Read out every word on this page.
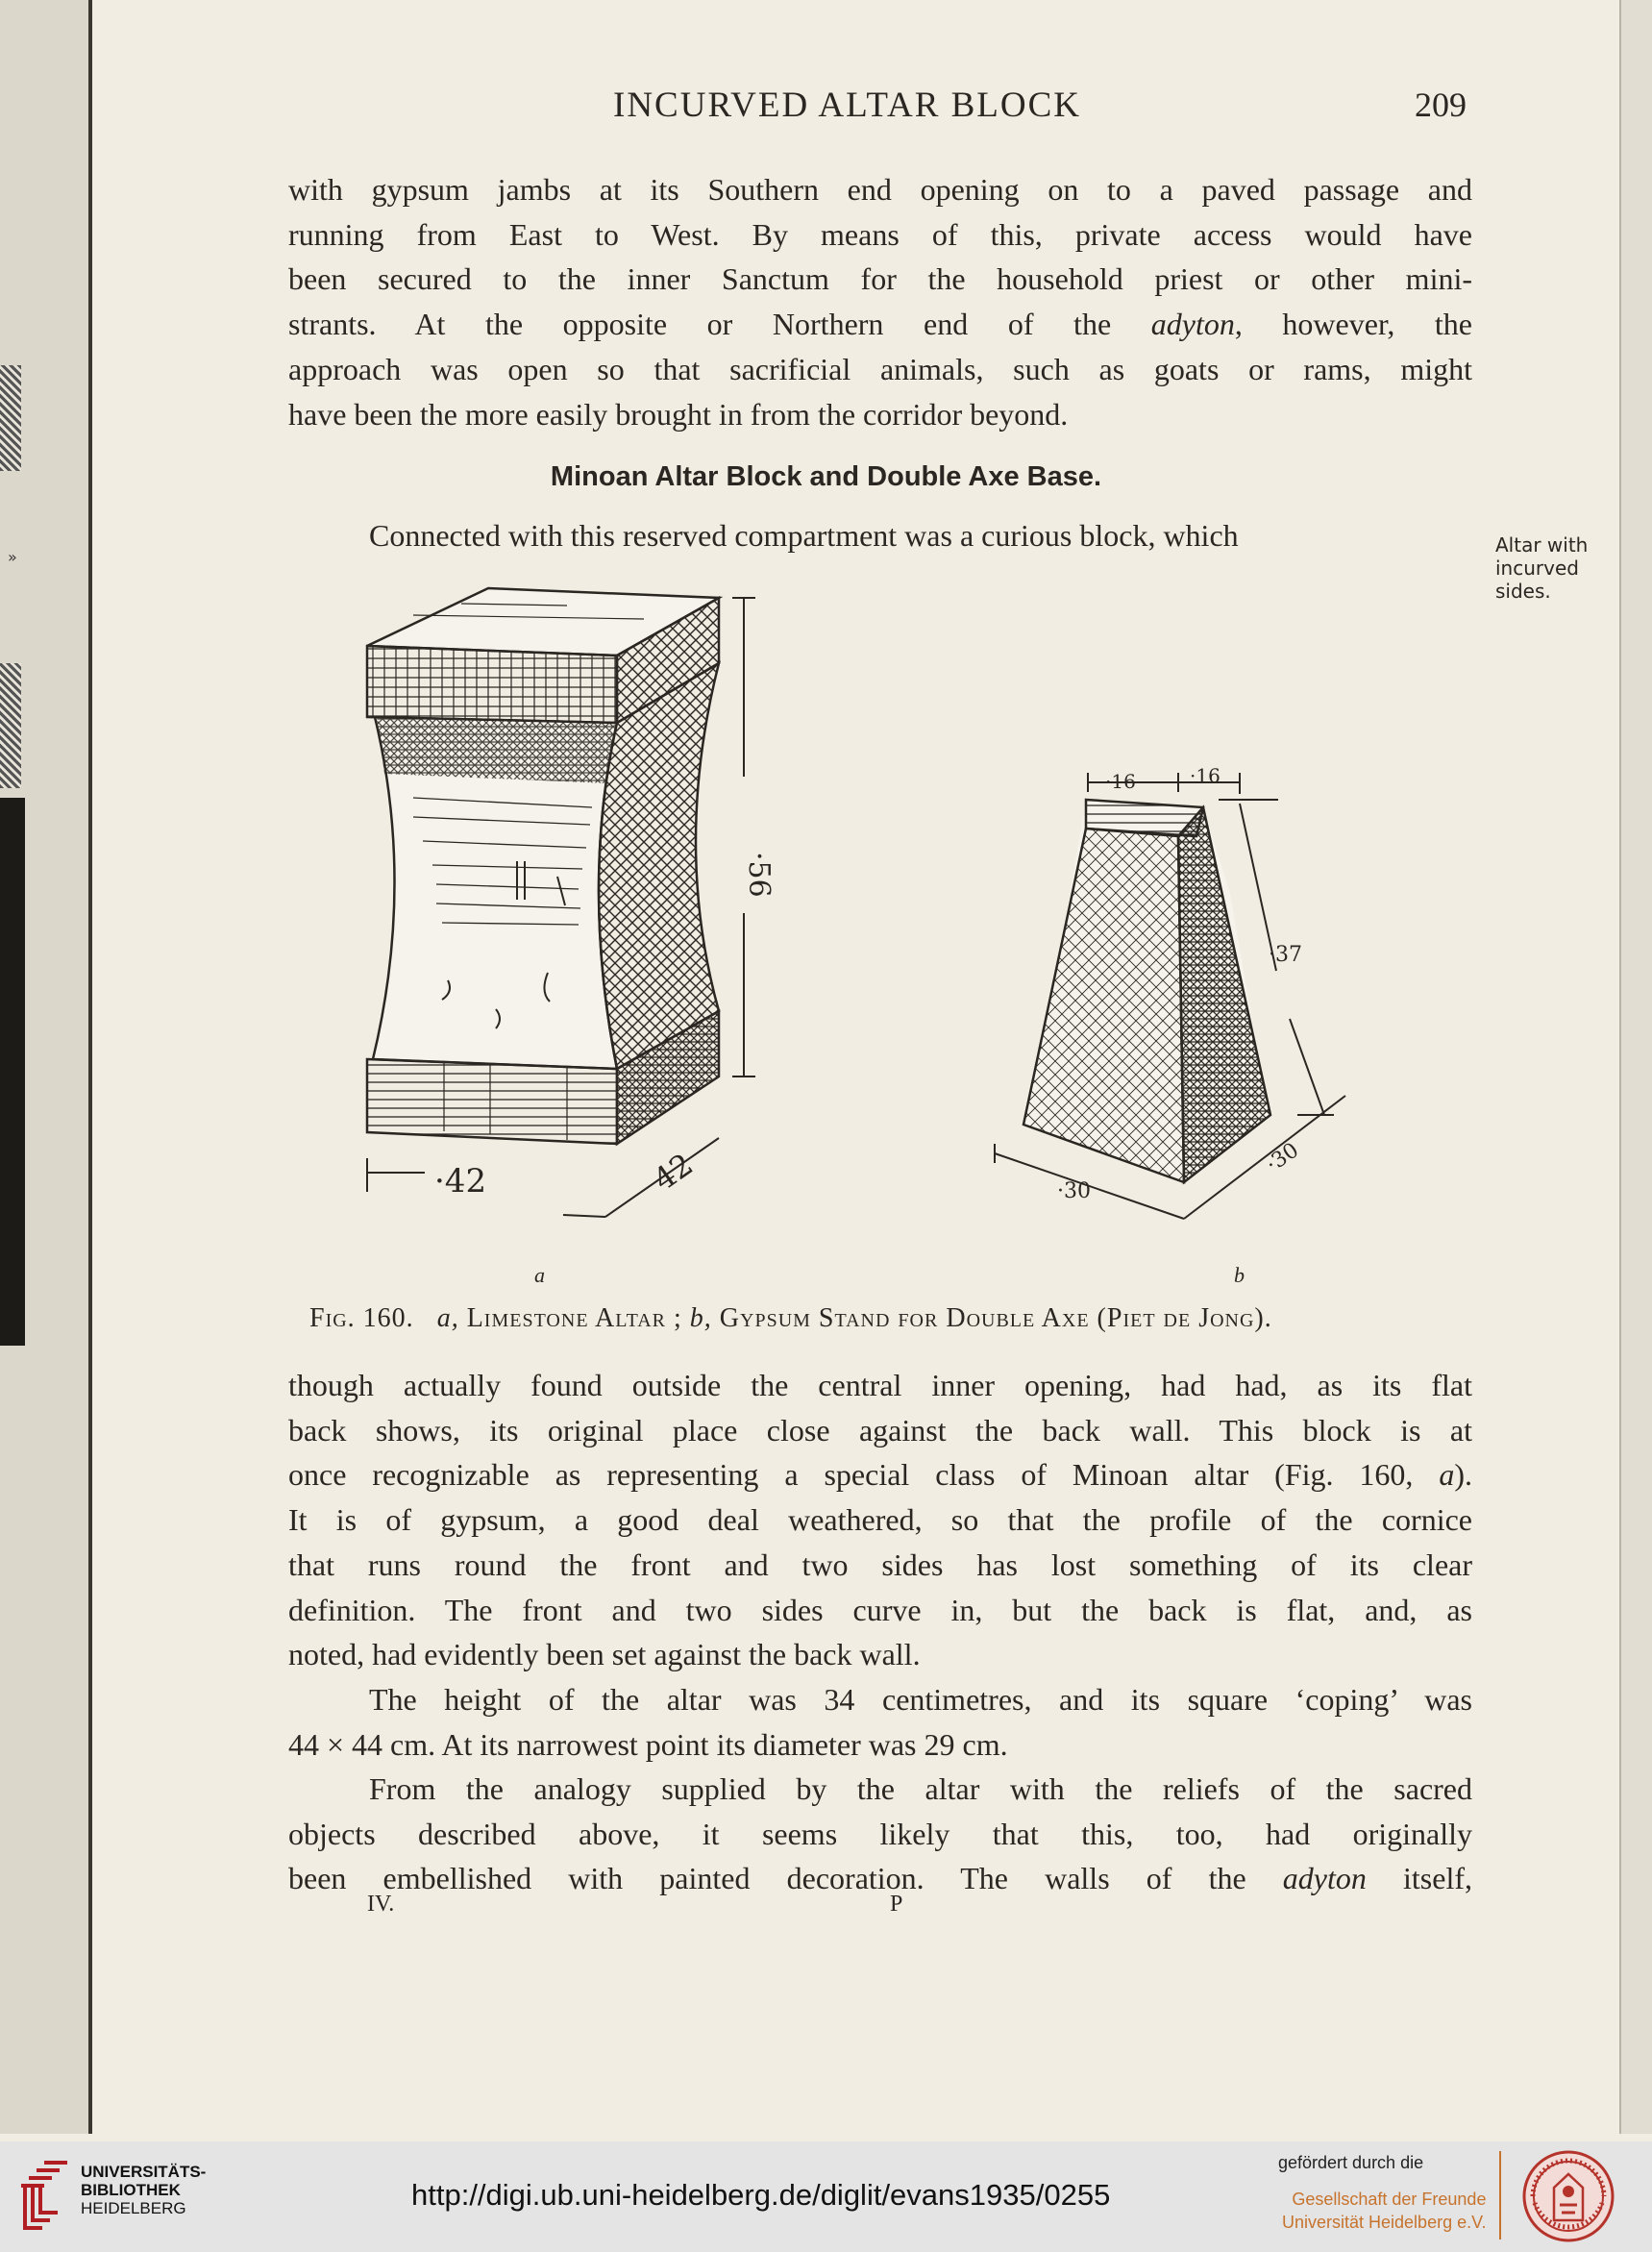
»
INCURVED ALTAR BLOCK	209
with gypsum jambs at its Southern end opening on to a paved passage and
running from East to West. By means of this, private access would have
been secured to the inner Sanctum for the household priest or other mini-
strants. At the opposite or Northern end of the adyton, however, the
approach was open so that sacrificial animals, such as goats or rams, might
have been the more easily brought in from the corridor beyond.
Minoan Altar Block and Double Axe Base.
Connected with this reserved compartment was a curious block, which	Altar with
incurved
sides.
·56
·42	42
·16	·16
·37
·30
·30
a	b
Fig. 160. a, Limestone Altar ; b, Gypsum Stand for Double Axe (Piet de Jong).
though actually found outside the central inner opening, had had, as its flat
back shows, its original place close against the back wall. This block is at
once recognizable as representing a special class of Minoan altar (Fig. 160, a).
It is of gypsum, a good deal weathered, so that the profile of the cornice
that runs round the front and two sides has lost something of its clear
definition. The front and two sides curve in, but the back is flat, and, as
noted, had evidently been set against the back wall.
The height of the altar was 34 centimetres, and its square ‘coping’ was
44 × 44 cm. At its narrowest point its diameter was 29 cm.
From the analogy supplied by the altar with the reliefs of the sacred
objects described above, it seems likely that this, too, had originally
been embellished with painted decoration. The walls of the adyton itself,
IV.	P
UNIVERSITÄTS-
BIBLIOTHEK
HEIDELBERG	http://digi.ub.uni-heidelberg.de/diglit/evans1935/0255
gefördert durch die
Gesellschaft der Freunde
Universität Heidelberg e.V.
